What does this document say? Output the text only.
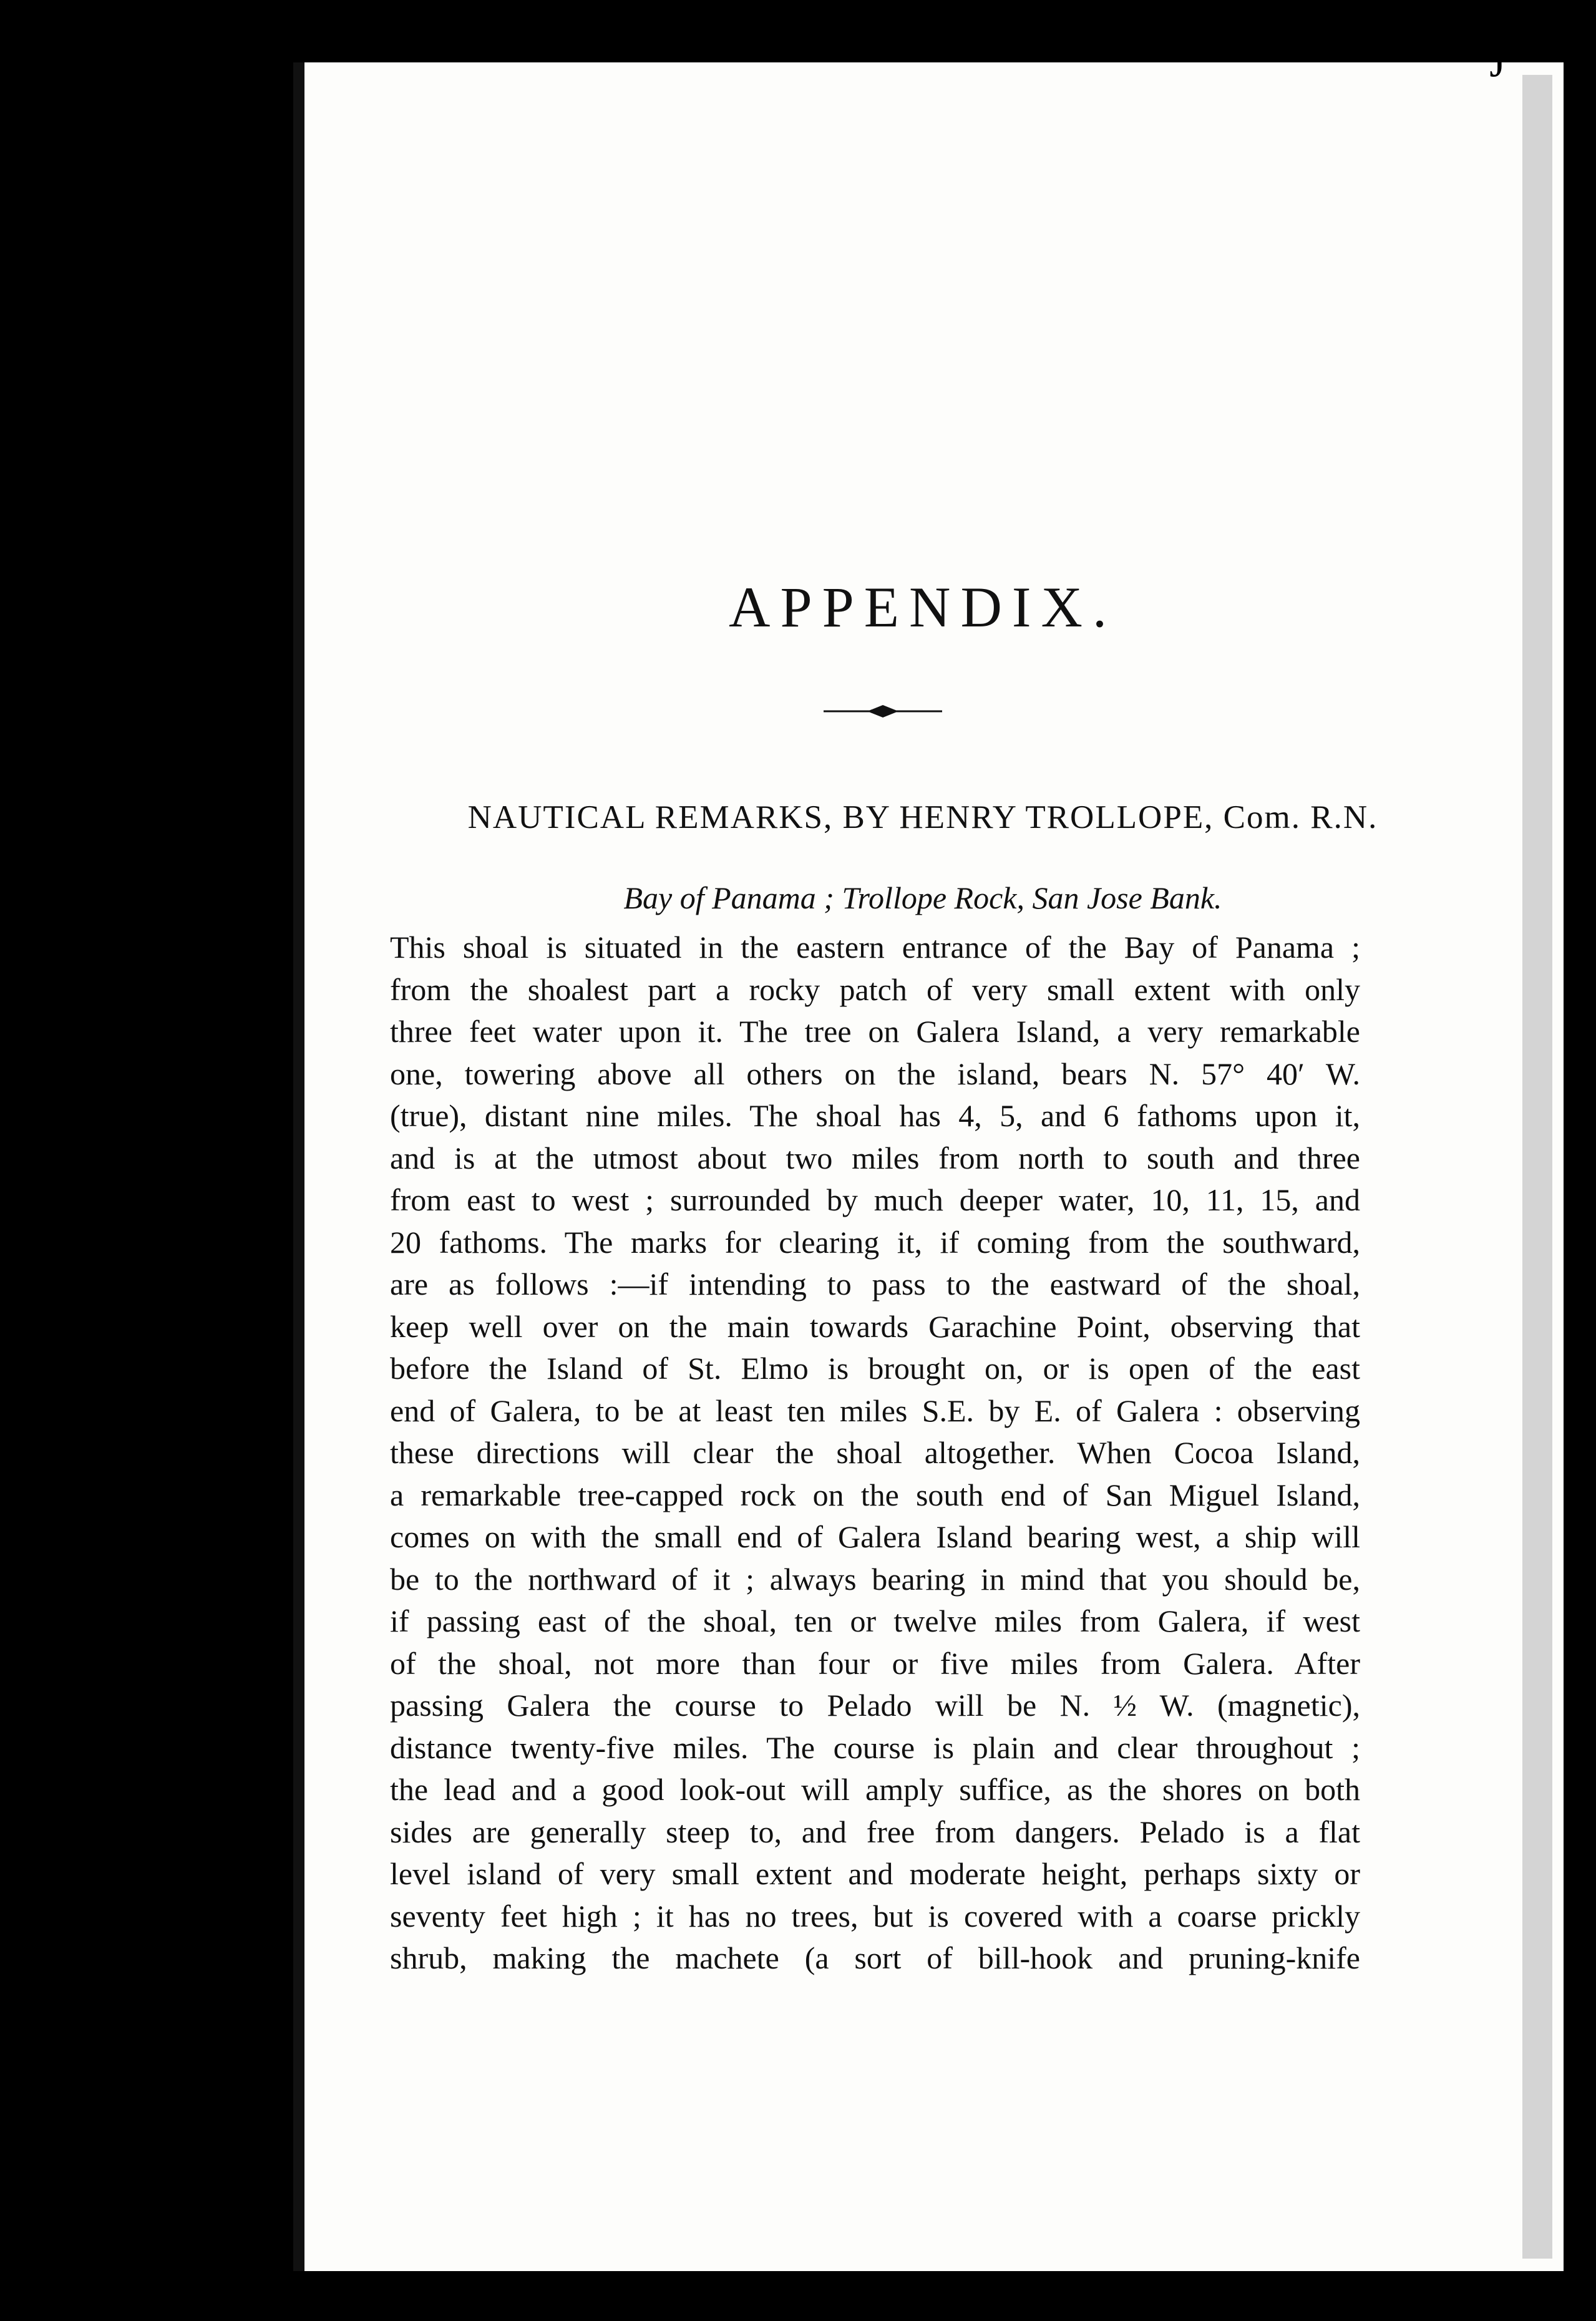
ʃ
APPENDIX.
NAUTICAL REMARKS, BY HENRY TROLLOPE, Com. R.N.
Bay of Panama ; Trollope Rock, San Jose Bank.
This shoal is situated in the eastern entrance of the Bay of Panama ;
from the shoalest part a rocky patch of very small extent with only
three feet water upon it. The tree on Galera Island, a very remarkable
one, towering above all others on the island, bears N. 57° 40′ W.
(true), distant nine miles. The shoal has 4, 5, and 6 fathoms upon it,
and is at the utmost about two miles from north to south and three
from east to west ; surrounded by much deeper water, 10, 11, 15, and
20 fathoms. The marks for clearing it, if coming from the southward,
are as follows :—if intending to pass to the eastward of the shoal,
keep well over on the main towards Garachine Point, observing that
before the Island of St. Elmo is brought on, or is open of the east
end of Galera, to be at least ten miles S.E. by E. of Galera : observing
these directions will clear the shoal altogether. When Cocoa Island,
a remarkable tree-capped rock on the south end of San Miguel Island,
comes on with the small end of Galera Island bearing west, a ship will
be to the northward of it ; always bearing in mind that you should be,
if passing east of the shoal, ten or twelve miles from Galera, if west
of the shoal, not more than four or five miles from Galera. After
passing Galera the course to Pelado will be N. ½ W. (magnetic),
distance twenty-five miles. The course is plain and clear throughout ;
the lead and a good look-out will amply suffice, as the shores on both
sides are generally steep to, and free from dangers. Pelado is a flat
level island of very small extent and moderate height, perhaps sixty or
seventy feet high ; it has no trees, but is covered with a coarse prickly
shrub, making the machete (a sort of bill-hook and pruning-knife
